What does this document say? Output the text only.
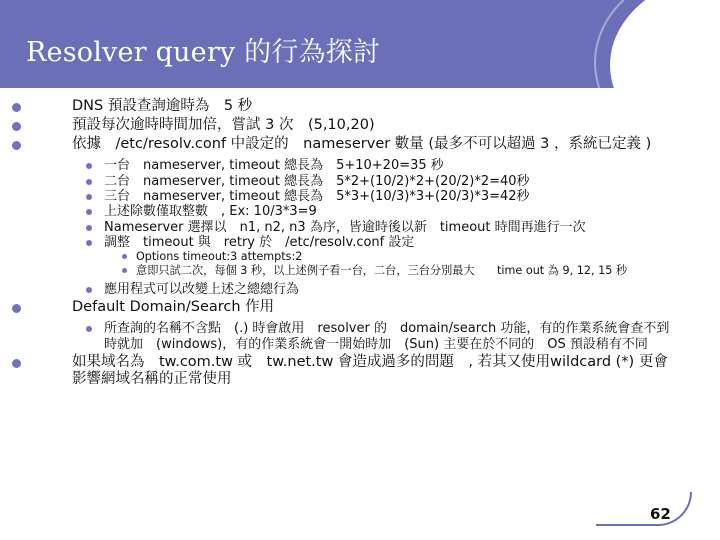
Resolver query 的行為探討
DNS 預設查詢逾時為　5 秒
預設每次逾時時間加倍，嘗試 3 次　(5,10,20)
依據　/etc/resolv.conf 中設定的　nameserver 數量 (最多不可以超過 3 ，系統已定義 )
一台　nameserver, timeout 總長為　5+10+20=35 秒
二台　nameserver, timeout 總長為　5*2+(10/2)*2+(20/2)*2=40秒
三台　nameserver, timeout 總長為　5*3+(10/3)*3+(20/3)*3=42秒
上述除數僅取整數　, Ex: 10/3*3=9
Nameserver 選擇以　n1, n2, n3 為序，皆逾時後以新　timeout 時間再進行一次
調整　timeout 與　retry 於　/etc/resolv.conf 設定
Options timeout:3 attempts:2
意即只試二次，每個 3 秒，以上述例子看一台，二台，三台分別最大　　time out 為 9, 12, 15 秒
應用程式可以改變上述之總總行為
Default Domain/Search 作用
所查詢的名稱不含點　(.) 時會啟用　resolver 的　domain/search 功能，有的作業系統會查不到時就加　(windows)，有的作業系統會一開始時加　(Sun) 主要在於不同的　OS 預設稍有不同
如果域名為　tw.com.tw 或　tw.net.tw 會造成過多的問題　, 若其又使用wildcard (*) 更會影響網域名稱的正常使用
62
